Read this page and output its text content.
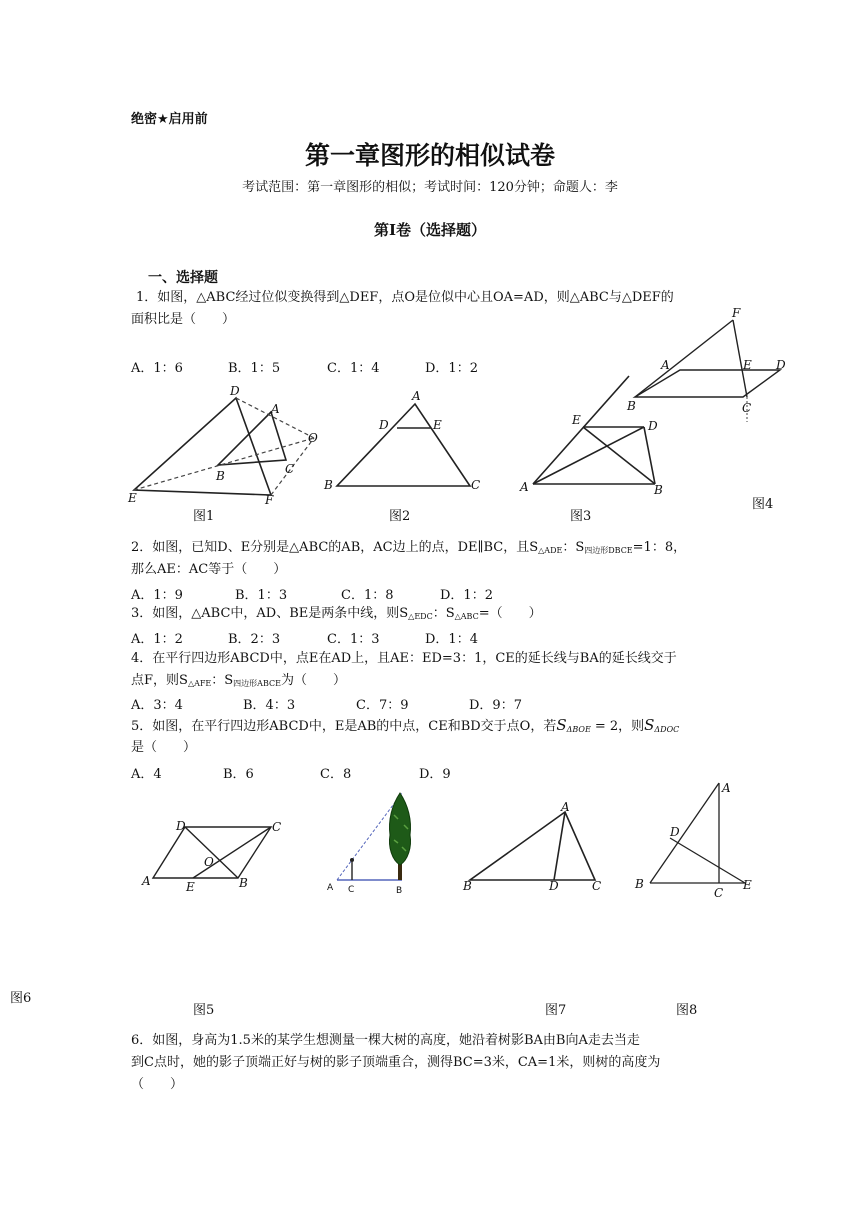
绝密★启用前
第一章图形的相似试卷
考试范围：第一章图形的相似；考试时间：120分钟；命题人：李
第I卷（选择题）
一、选择题
1．如图，△ABC经过位似变换得到△DEF，点O是位似中心且OA=AD，则△ABC与△DEF的
面积比是（　　）
A．1：6	B．1：5	C．1：4	D．1：2
D
A
O
B	C
E	F
A
D	E
B	C
E	D
A	B
F
A	E D
B	C
图1	图2	图3
图4
2．如图，已知D、E分别是△ABC的AB，AC边上的点，DE∥BC，且$S_{\triangle ADE}$：$S_{四边形DBCE}=1$：8，
那么AE：AC等于（　　）
A．1：9	B．1：3	C．1：8	D．1：2
3．如图，△ABC中，AD、BE是两条中线，则$S_{\triangle EDC}$：$S_{\triangle ABC}=$（　　）
A．1：2	B．2：3	C．1：3	D．1：4
4．在平行四边形ABCD中，点E在AD上，且AE：ED=3：1，CE的延长线与BA的延长线交于
点F，则$S_{\triangle AFE}$：$S_{四边形ABCE}$为（　　）
A．3：4	B．4：3	C．7：9	D．9：7
5．如图，在平行四边形ABCD中，E是AB的中点，CE和BD交于点O，若$S_{\Delta BOE} = 2$，则$S_{\Delta DOC}$
是（　　）
A．4	B．6	C．8	D．9
D	C
O
A	E	B	A C	B
A
B	D	C
A
D
B
C
E
图6
图5	图7	图8
6．如图，身高为1.5米的某学生想测量一棵大树的高度，她沿着树影BA由B向A走去当走
到C点时，她的影子顶端正好与树的影子顶端重合，测得BC=3米，CA=1米，则树的高度为
（　　）
